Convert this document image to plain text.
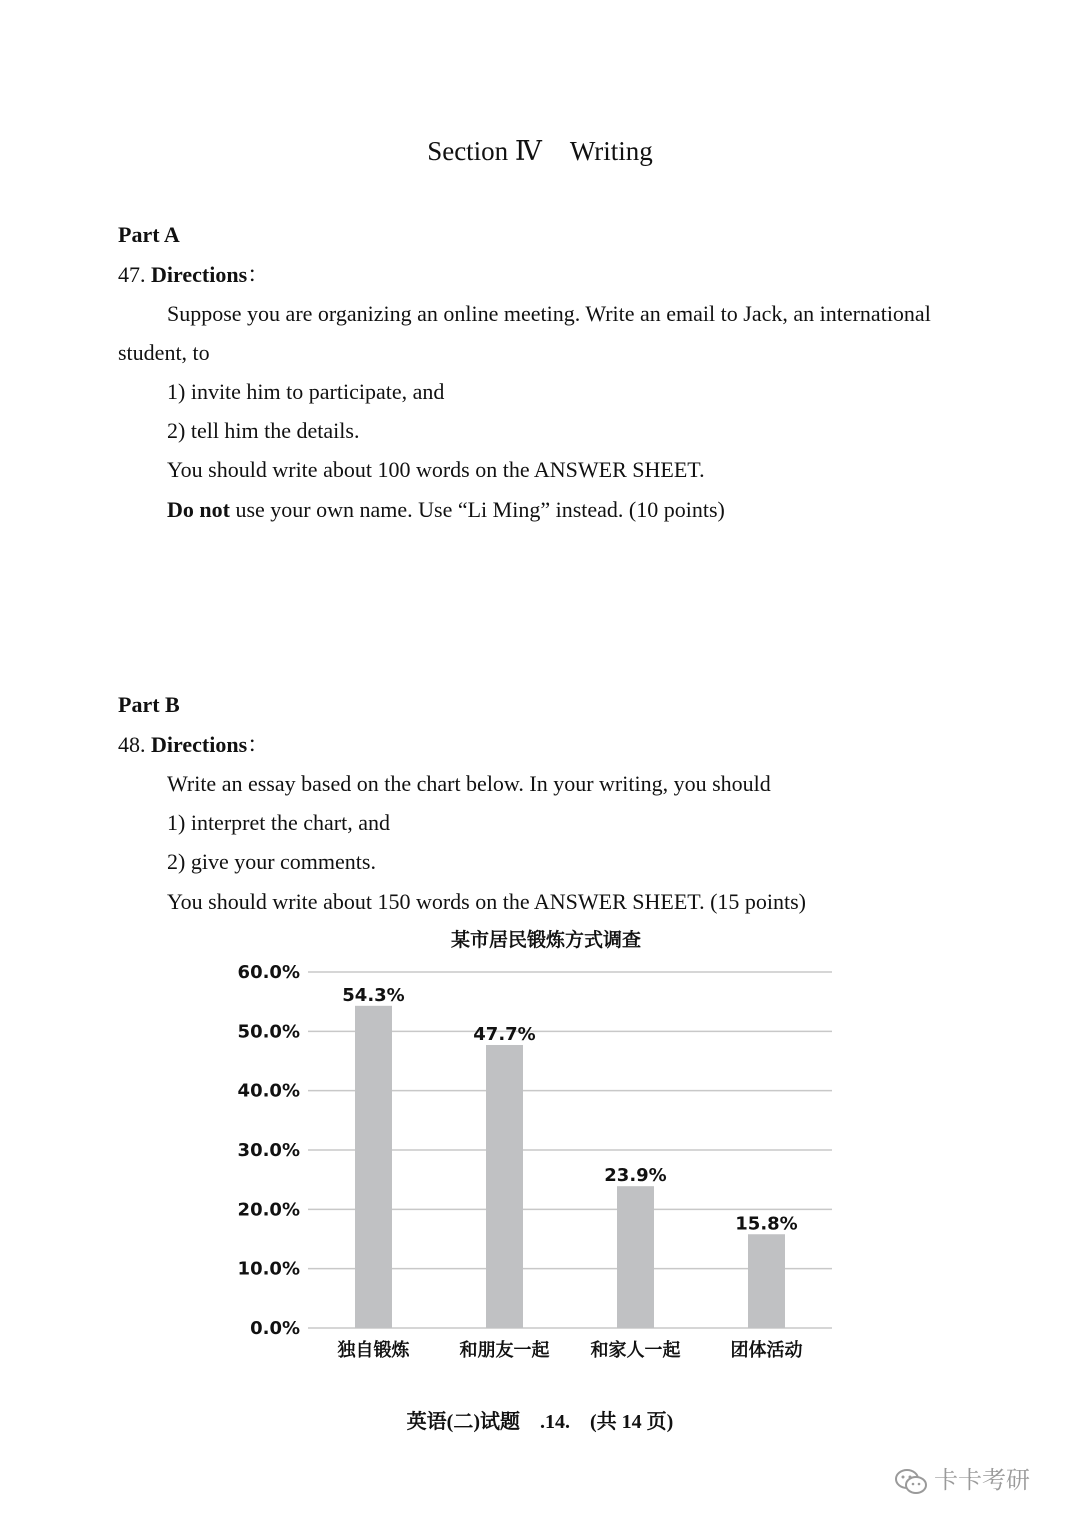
Section Ⅳ Writing
Part A
47. Directions：
Suppose you are organizing an online meeting. Write an email to Jack, an international
student, to
1) invite him to participate, and
2) tell him the details.
You should write about 100 words on the ANSWER SHEET.
Do not use your own name. Use “Li Ming” instead. (10 points)
Part B
48. Directions：
Write an essay based on the chart below. In your writing, you should
1) interpret the chart, and
2) give your comments.
You should write about 150 words on the ANSWER SHEET. (15 points)
某市居民锻炼方式调查
0.0%
10.0%
20.0%
30.0%
40.0%
50.0%
60.0%
54.3%
独自锻炼
47.7%
和朋友一起
23.9%
和家人一起
15.8%
团体活动
英语(二)试题　.14.　(共 14 页)
卡卡考研
